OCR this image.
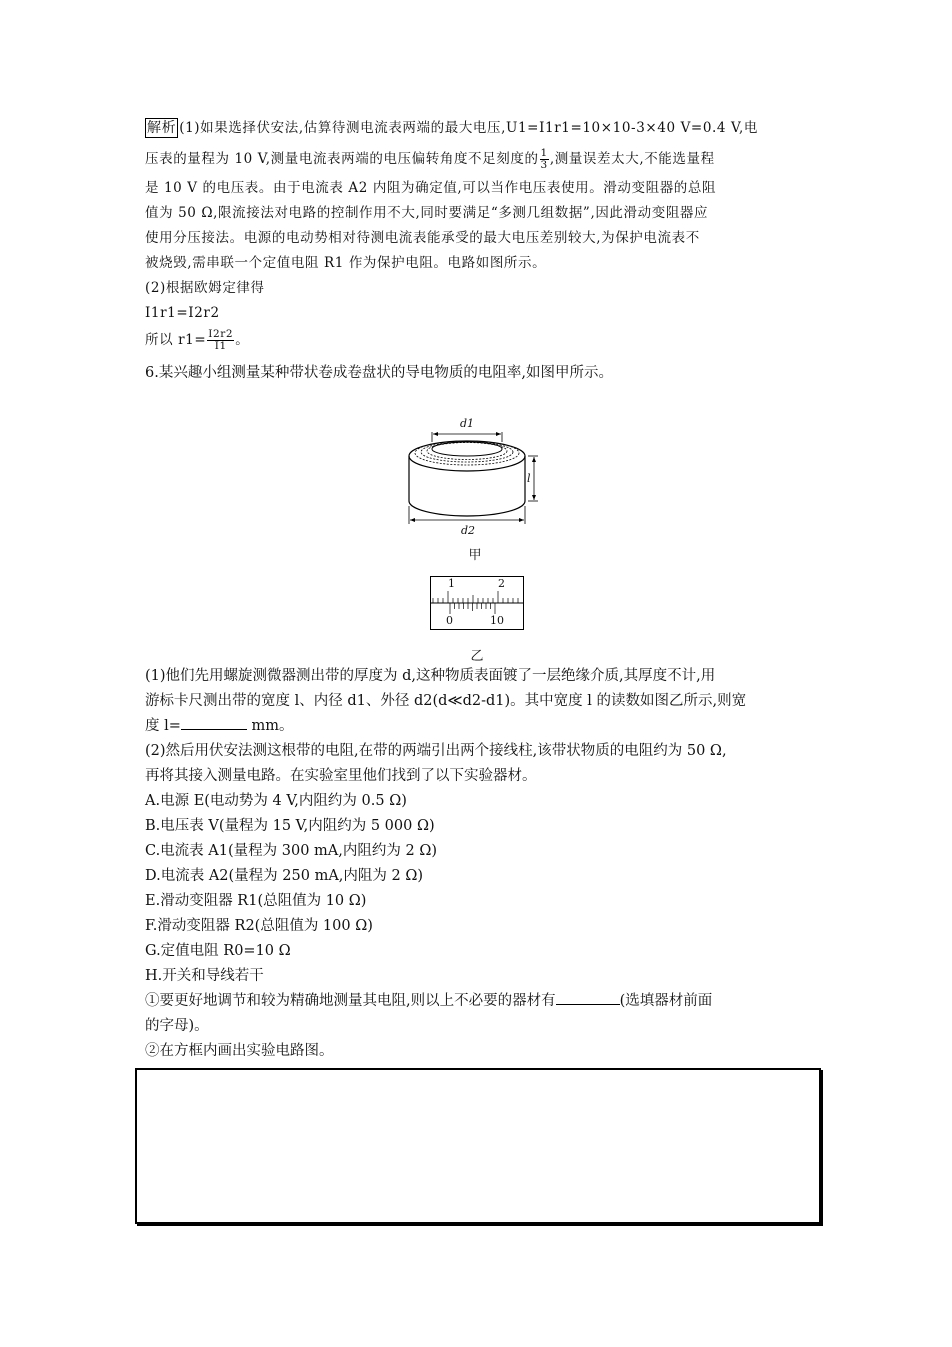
解析 (1)如果选择伏安法,估算待测电流表两端的最大电压,U1=I1r1=10×10-3×40 V=0.4 V,电

压表的量程为 10 V,测量电流表两端的电压偏转角度不足刻度的 $\frac{1}{3}$ ,测量误差太大,不能选量程

是 10 V 的电压表。由于电流表 A2 内阻为确定值,可以当作电压表使用。滑动变阻器的总阻

值为 50 Ω,限流接法对电路的控制作用不大,同时要满足“多测几组数据”,因此滑动变阻器应

使用分压接法。电源的电动势相对待测电流表能承受的最大电压差别较大,为保护电流表不

被烧毁,需串联一个定值电阻 R1 作为保护电阻。电路如图所示。

(2)根据欧姆定律得

I1r1=I2r2

所以 $r1= \frac{I2r2}{I1}$ 。

6.某兴趣小组测量某种带状卷成卷盘状的导电物质的电阻率,如图甲所示。

d1
l
d2
甲
1	2
0	10
乙

(1)他们先用螺旋测微器测出带的厚度为 d,这种物质表面镀了一层绝缘介质,其厚度不计,用

游标卡尺测出带的宽度 l、内径 d1、外径 d2(d≪d2-d1)。其中宽度 l 的读数如图乙所示,则宽

度 l=	mm。

(2)然后用伏安法测这根带的电阻,在带的两端引出两个接线柱,该带状物质的电阻约为 50 Ω,

再将其接入测量电路。在实验室里他们找到了以下实验器材。

A.电源 E(电动势为 4 V,内阻约为 0.5 Ω)

B.电压表 V(量程为 15 V,内阻约为 5 000 Ω)

C.电流表 A1(量程为 300 mA,内阻约为 2 Ω)

D.电流表 A2(量程为 250 mA,内阻为 2 Ω)

E.滑动变阻器 R1(总阻值为 10 Ω)

F.滑动变阻器 R2(总阻值为 100 Ω)

G.定值电阻 R0=10 Ω

H.开关和导线若干

①要更好地调节和较为精确地测量其电阻,则以上不必要的器材有	(选填器材前面

的字母)。

②在方框内画出实验电路图。
